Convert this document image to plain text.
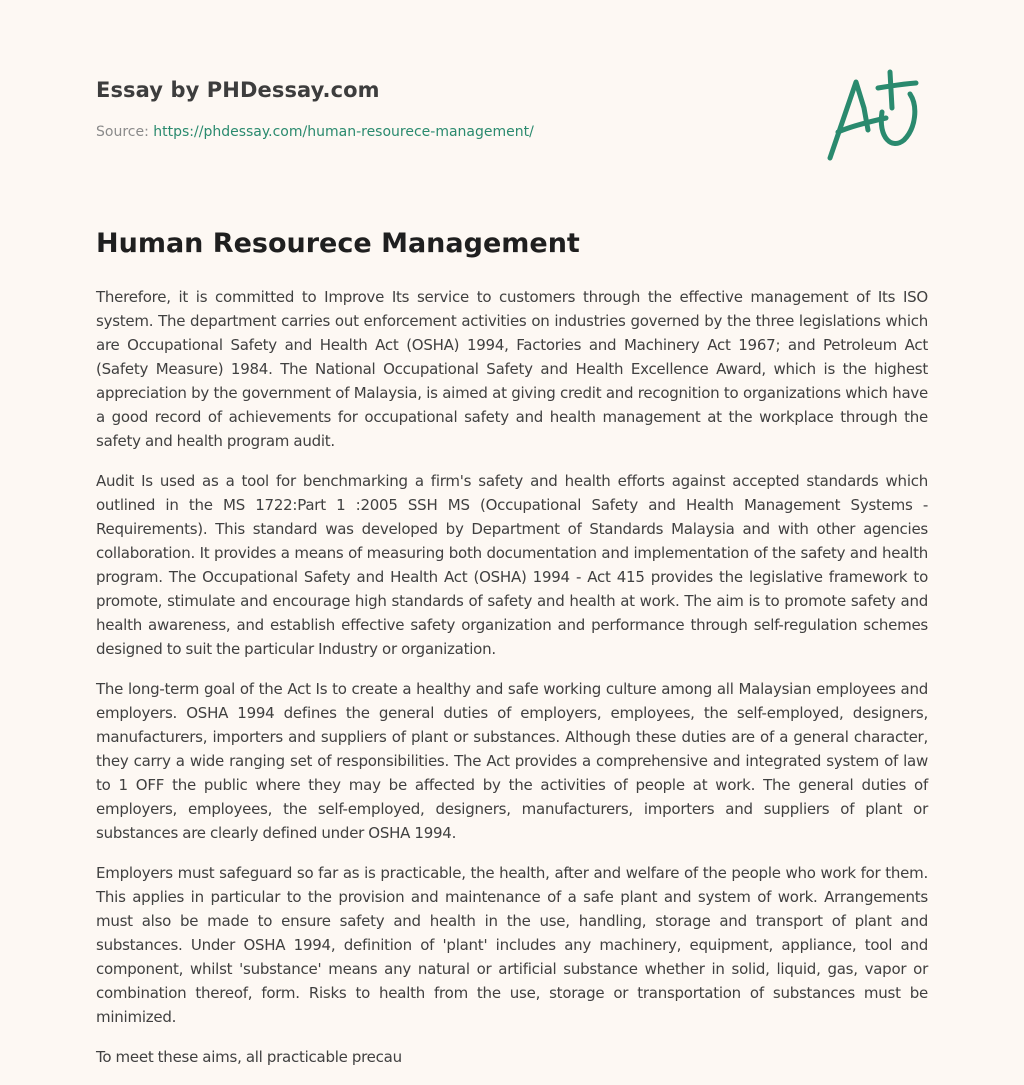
Essay by PHDessay.com
Source: https://phdessay.com/human-resourece-management/
Human Resourece Management

Therefore, it is committed to Improve Its service to customers through the effective management of Its ISO system. The department carries out enforcement activities on industries governed by the three legislations which are Occupational Safety and Health Act (OSHA) 1994, Factories and Machinery Act 1967; and Petroleum Act (Safety Measure) 1984. The National Occupational Safety and Health Excellence Award, which is the highest appreciation by the government of Malaysia, is aimed at giving credit and recognition to organizations which have a good record of achievements for occupational safety and health management at the workplace through the safety and health program audit.

Audit Is used as a tool for benchmarking a firm's safety and health efforts against accepted standards which outlined in the MS 1722:Part 1 :2005 SSH MS (Occupational Safety and Health Management Systems - Requirements). This standard was developed by Department of Standards Malaysia and with other agencies collaboration. It provides a means of measuring both documentation and implementation of the safety and health program. The Occupational Safety and Health Act (OSHA) 1994 - Act 415 provides the legislative framework to promote, stimulate and encourage high standards of safety and health at work. The aim is to promote safety and health awareness, and establish effective safety organization and performance through self-regulation schemes designed to suit the particular Industry or organization.

The long-term goal of the Act Is to create a healthy and safe working culture among all Malaysian employees and employers. OSHA 1994 defines the general duties of employers, employees, the self-employed, designers, manufacturers, importers and suppliers of plant or substances. Although these duties are of a general character, they carry a wide ranging set of responsibilities. The Act provides a comprehensive and integrated system of law to 1 OFF the public where they may be affected by the activities of people at work. The general duties of employers, employees, the self-employed, designers, manufacturers, importers and suppliers of plant or substances are clearly defined under OSHA 1994.

Employers must safeguard so far as is practicable, the health, after and welfare of the people who work for them. This applies in particular to the provision and maintenance of a safe plant and system of work. Arrangements must also be made to ensure safety and health in the use, handling, storage and transport of plant and substances. Under OSHA 1994, definition of 'plant' includes any machinery, equipment, appliance, tool and component, whilst 'substance' means any natural or artificial substance whether in solid, liquid, gas, vapor or combination thereof, form. Risks to health from the use, storage or transportation of substances must be minimized.

To meet these aims, all practicable precau
